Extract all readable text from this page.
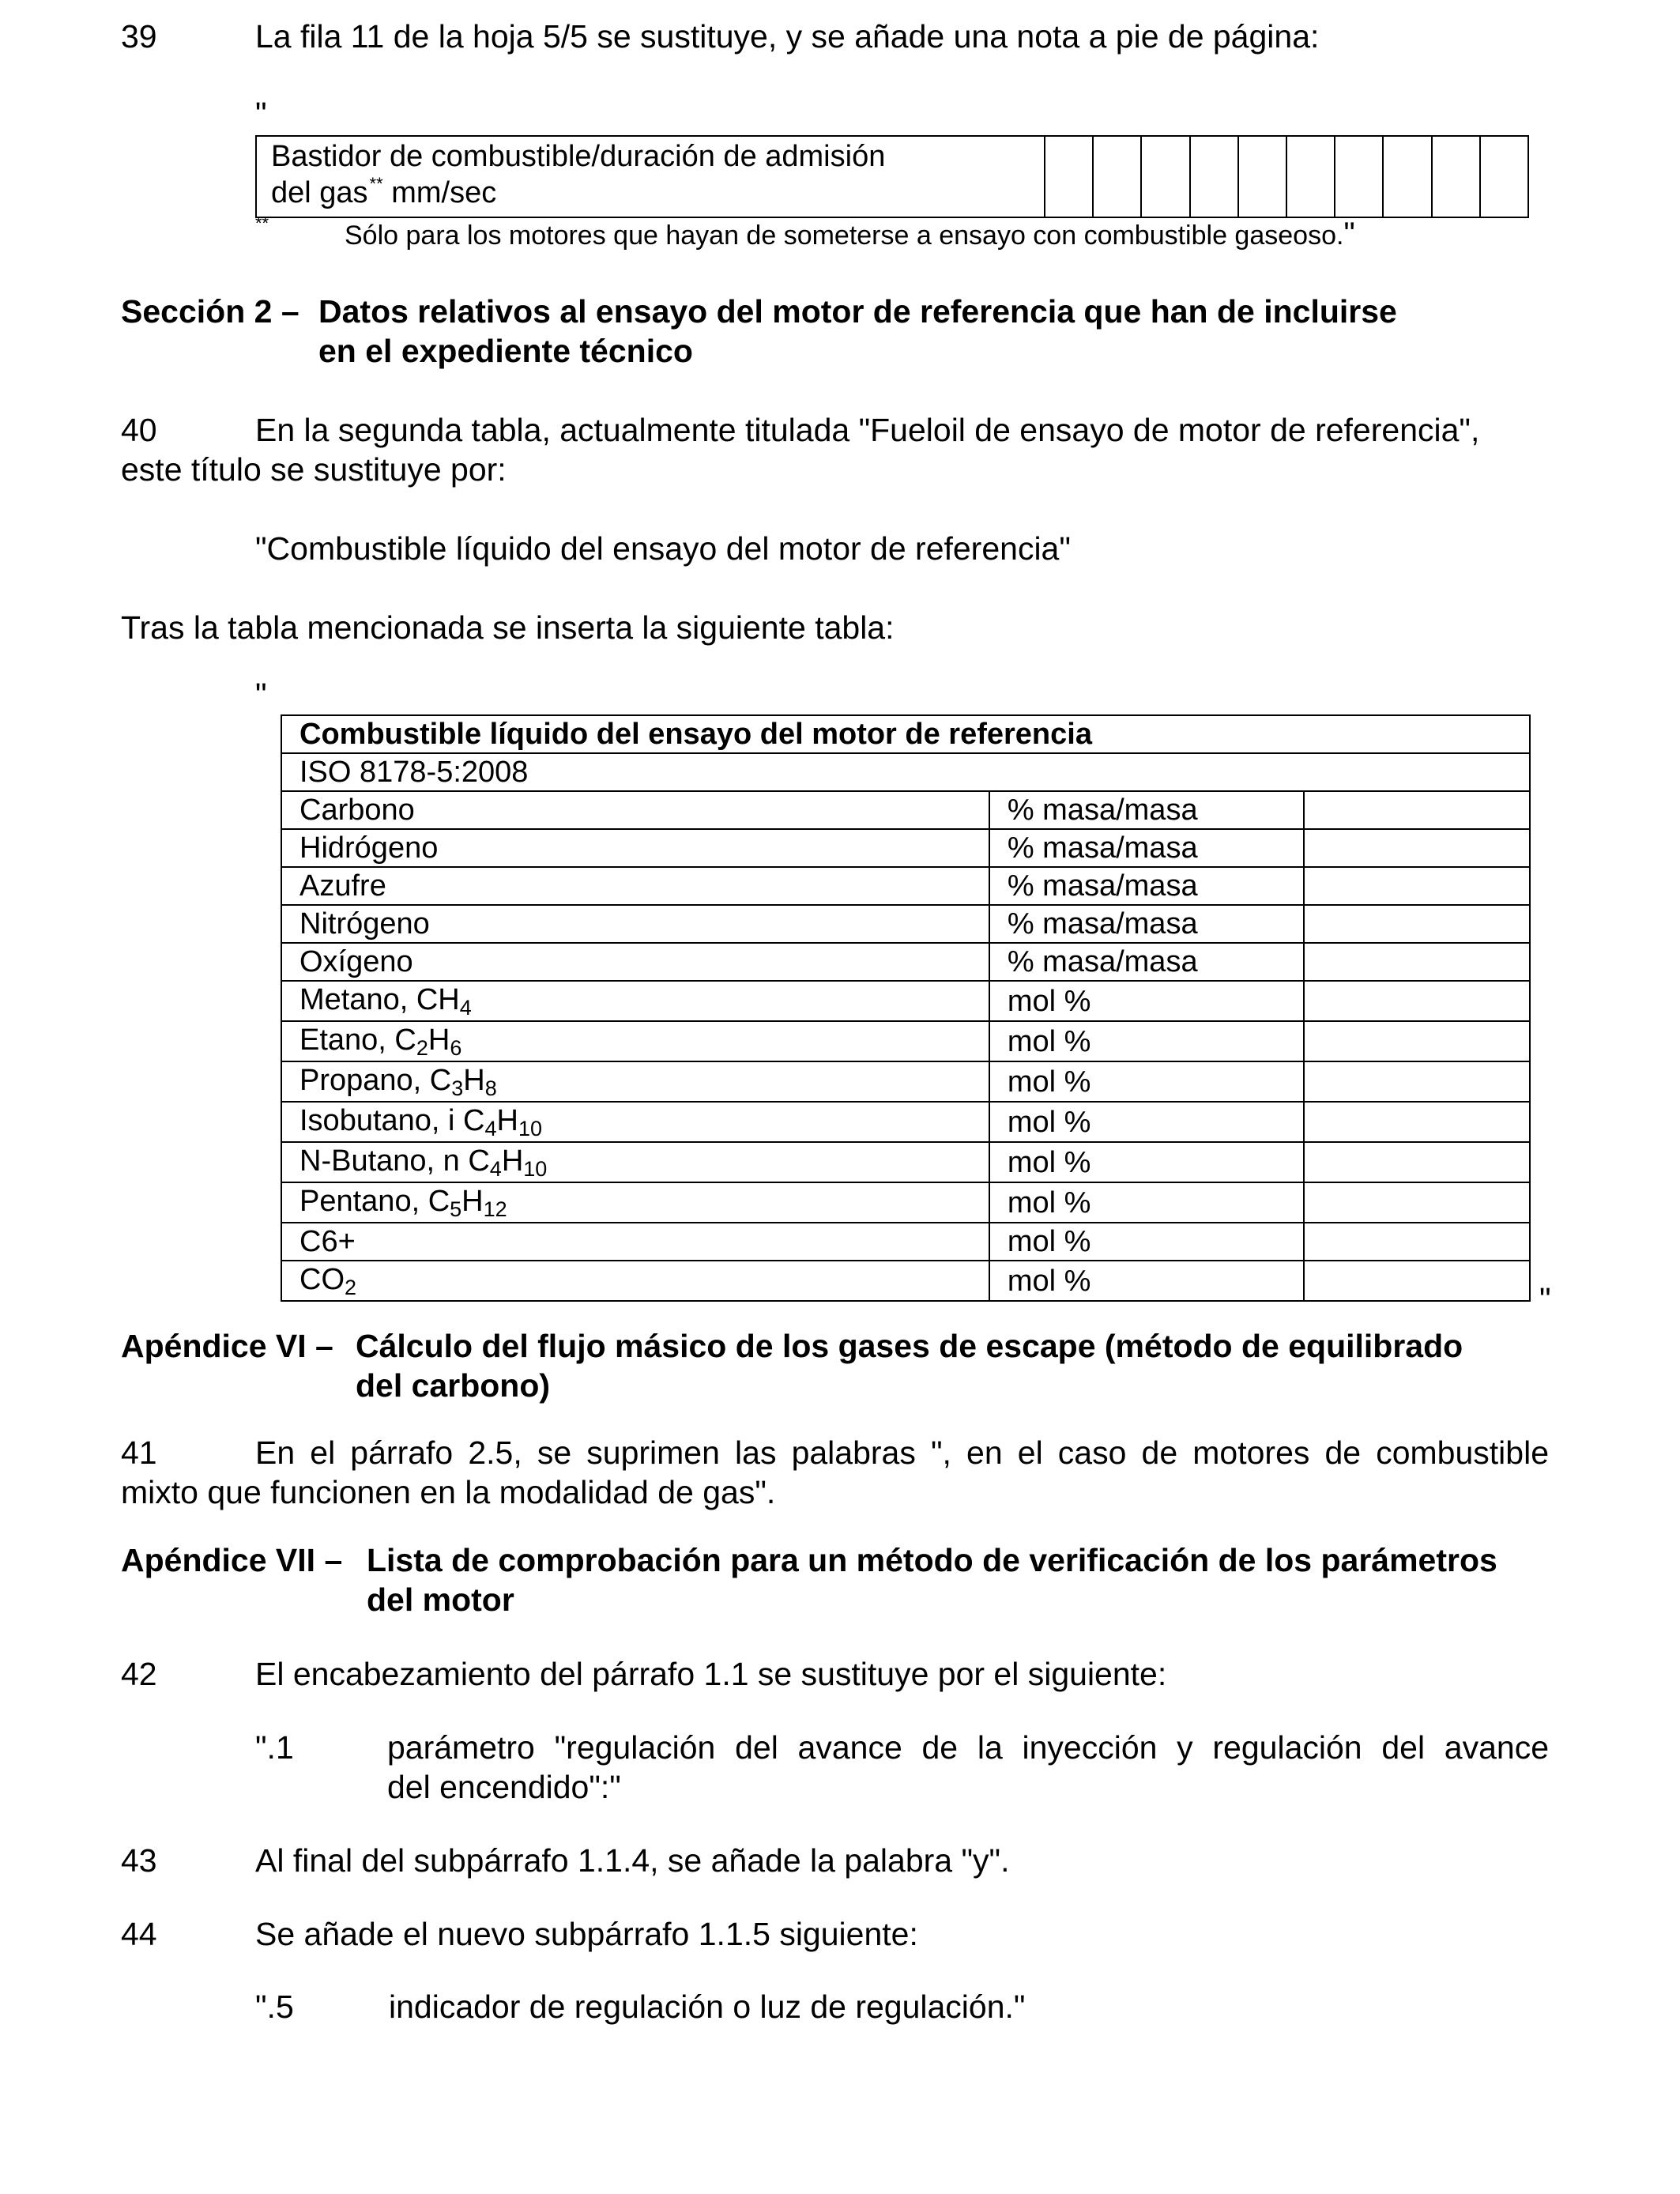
39	La fila 11 de la hoja 5/5 se sustituye, y se añade una nota a pie de página:
"
Bastidor de combustible/duración de admisión
del gas** mm/sec										
**	Sólo para los motores que hayan de someterse a ensayo con combustible gaseoso."
Sección 2 – Datos relativos al ensayo del motor de referencia que han de incluirse
en el expediente técnico
40	En la segunda tabla, actualmente titulada "Fueloil de ensayo de motor de referencia",
este título se sustituye por:
"Combustible líquido del ensayo del motor de referencia"
Tras la tabla mencionada se inserta la siguiente tabla:
"
Combustible líquido del ensayo del motor de referencia		
ISO 8178-5:2008		
Carbono	% masa/masa	
Hidrógeno	% masa/masa	
Azufre	% masa/masa	
Nitrógeno	% masa/masa	
Oxígeno	% masa/masa	
Metano, CH4	mol %	
Etano, C2H6	mol %	
Propano, C3H8	mol %	
Isobutano, i C4H10	mol %	
N-Butano, n C4H10	mol %	
Pentano, C5H12	mol %	
C6+	mol %	
CO2	mol %	
"
Apéndice VI – Cálculo del flujo másico de los gases de escape (método de equilibrado
del carbono)
41	En el párrafo 2.5, se suprimen las palabras ", en el caso de motores de combustible
mixto que funcionen en la modalidad de gas".
Apéndice VII – Lista de comprobación para un método de verificación de los parámetros
del motor
42	El encabezamiento del párrafo 1.1 se sustituye por el siguiente:
".1	parámetro "regulación del avance de la inyección y regulación del avance
del encendido":"
43	Al final del subpárrafo 1.1.4, se añade la palabra "y".
44	Se añade el nuevo subpárrafo 1.1.5 siguiente:
".5	indicador de regulación o luz de regulación."
